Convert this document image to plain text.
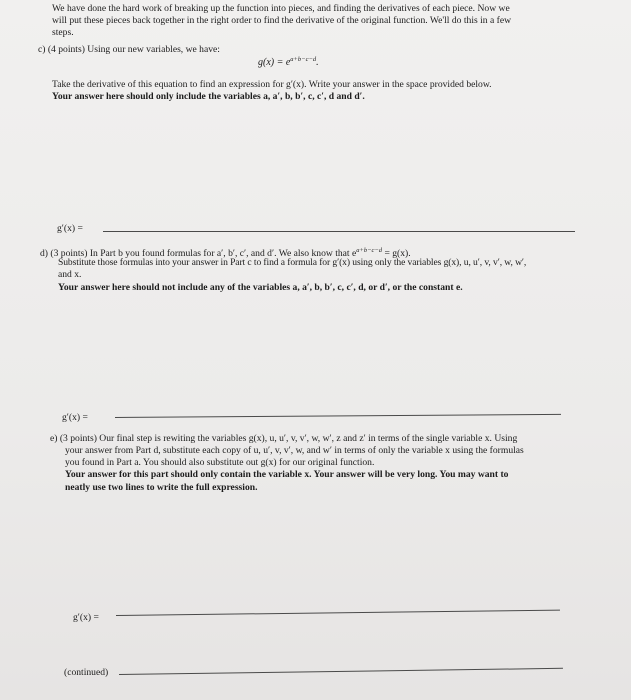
We have done the hard work of breaking up the function into pieces, and finding the derivatives of each piece. Now we
will put these pieces back together in the right order to find the derivative of the original function. We'll do this in a few
steps.
c) (4 points) Using our new variables, we have:
$g(x) = e^{a+b-c-d}$.
Take the derivative of this equation to find an expression for g′(x). Write your answer in the space provided below.
Your answer here should only include the variables a, a′, b, b′, c, c′, d and d′.
g′(x) =
d) (3 points) In Part b you found formulas for a′, b′, c′, and d′. We also know that $e^{a+b-c-d} = g(x)$.
Substitute those formulas into your answer in Part c to find a formula for g′(x) using only the variables g(x), u, u′, v, v′, w, w′,
and x.
Your answer here should not include any of the variables a, a′, b, b′, c, c′, d, or d′, or the constant e.
g′(x) =
e) (3 points) Our final step is rewiting the variables g(x), u, u′, v, v′, w, w′, z and z′ in terms of the single variable x. Using
your answer from Part d, substitute each copy of u, u′, v, v′, w, and w′ in terms of only the variable x using the formulas
you found in Part a. You should also substitute out g(x) for our original function.
Your answer for this part should only contain the variable x. Your answer will be very long. You may want to
neatly use two lines to write the full expression.
g′(x) =
(continued)
